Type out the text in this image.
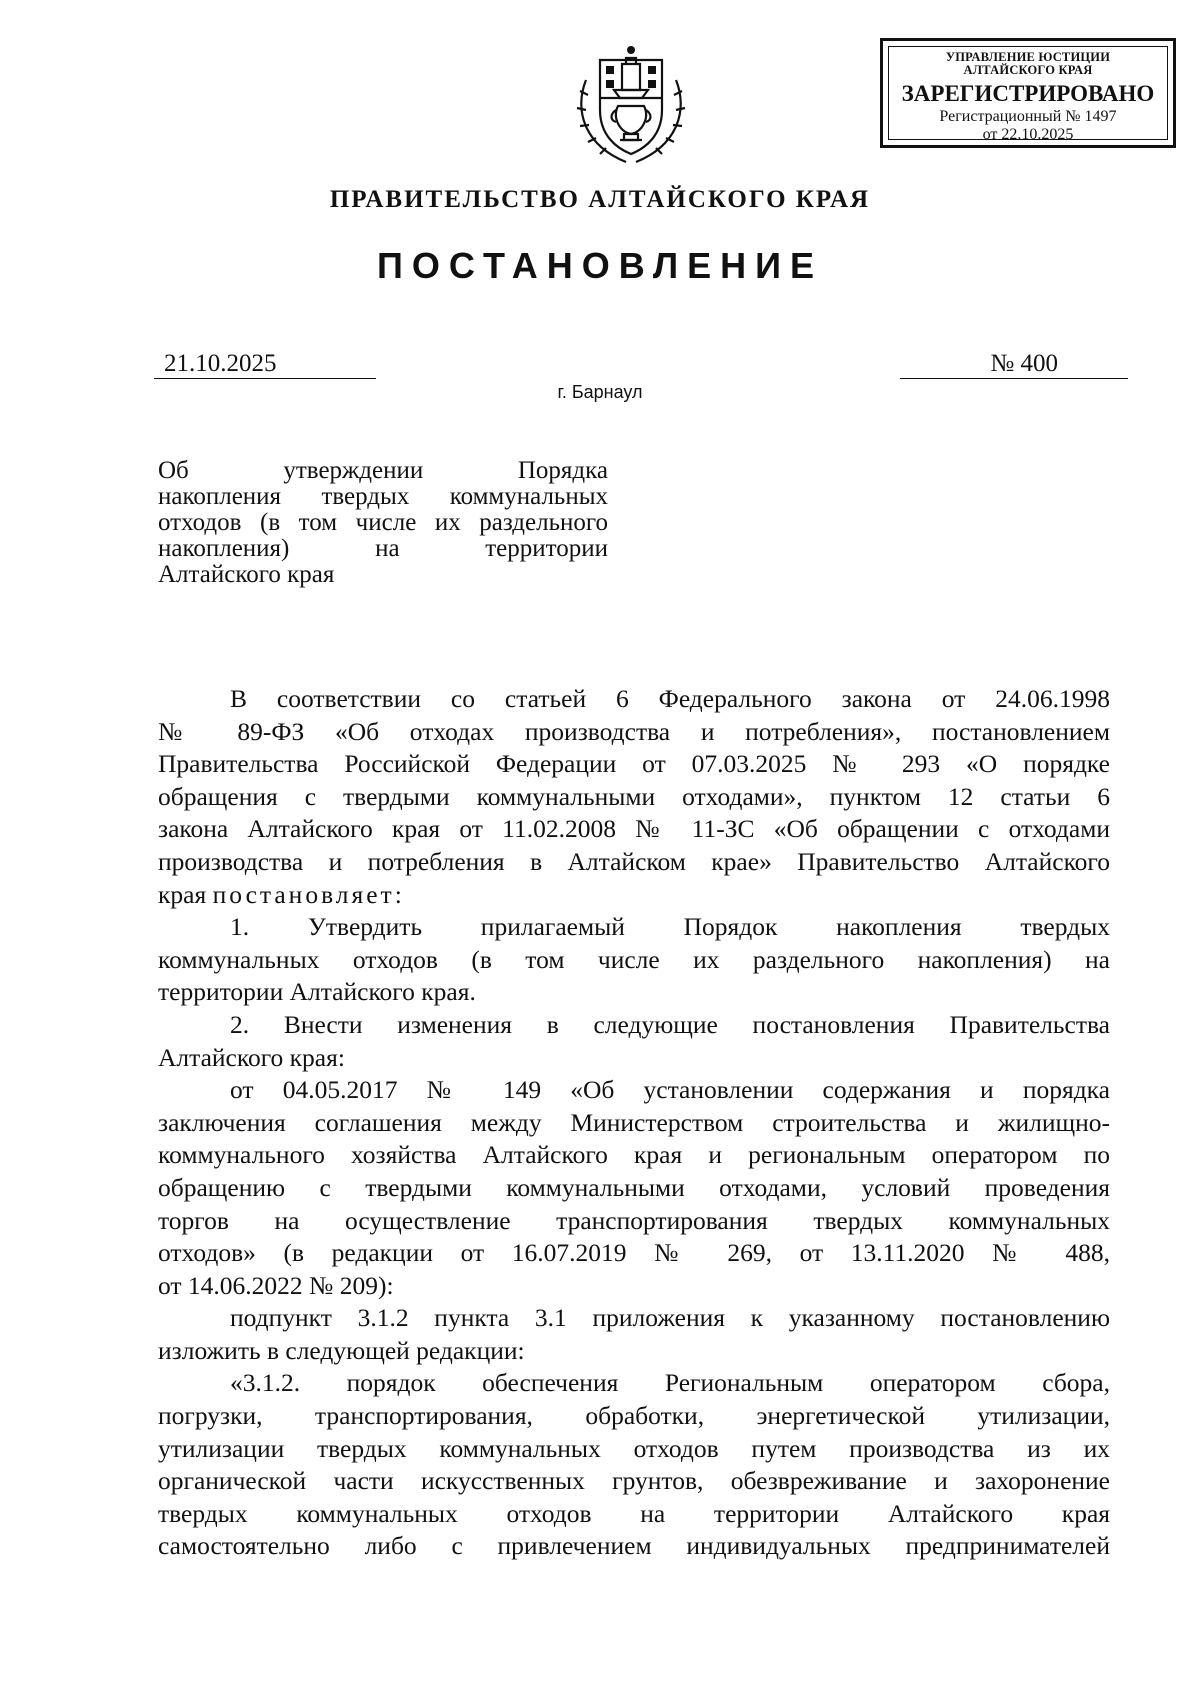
УПРАВЛЕНИЕ ЮСТИЦИИ
АЛТАЙСКОГО КРАЯ
ЗАРЕГИСТРИРОВАНО
Регистрационный № 1497
от 22.10.2025
ПРАВИТЕЛЬСТВО АЛТАЙСКОГО КРАЯ
ПОСТАНОВЛЕНИЕ
21.10.2025	№ 400
г. Барнаул
Об утверждении Порядка
накопления твердых коммунальных
отходов (в том числе их раздельного
накопления) на территории
Алтайского края

В соответствии со статьей 6 Федерального закона от 24.06.1998

№ 89-ФЗ «Об отходах производства и потребления», постановлением
Правительства Российской Федерации от 07.03.2025 № 293 «О порядке
обращения с твердыми коммунальными отходами», пунктом 12 статьи 6
закона Алтайского края от 11.02.2008 № 11-ЗС «Об обращении с отходами
производства и потребления в Алтайском крае» Правительство Алтайского
края постановляет:

1. Утвердить прилагаемый Порядок накопления твердых

коммунальных отходов (в том числе их раздельного накопления) на
территории Алтайского края.

2. Внести изменения в следующие постановления Правительства

Алтайского края:

от 04.05.2017 № 149 «Об установлении содержания и порядка

заключения соглашения между Министерством строительства и жилищно-
коммунального хозяйства Алтайского края и региональным оператором по
обращению с твердыми коммунальными отходами, условий проведения
торгов на осуществление транспортирования твердых коммунальных
отходов» (в редакции от 16.07.2019 № 269, от 13.11.2020 № 488,
от 14.06.2022 № 209):

подпункт 3.1.2 пункта 3.1 приложения к указанному постановлению

изложить в следующей редакции:

«3.1.2. порядок обеспечения Региональным оператором сбора,

погрузки, транспортирования, обработки, энергетической утилизации,
утилизации твердых коммунальных отходов путем производства из их
органической части искусственных грунтов, обезвреживание и захоронение
твердых коммунальных отходов на территории Алтайского края
самостоятельно либо с привлечением индивидуальных предпринимателей
